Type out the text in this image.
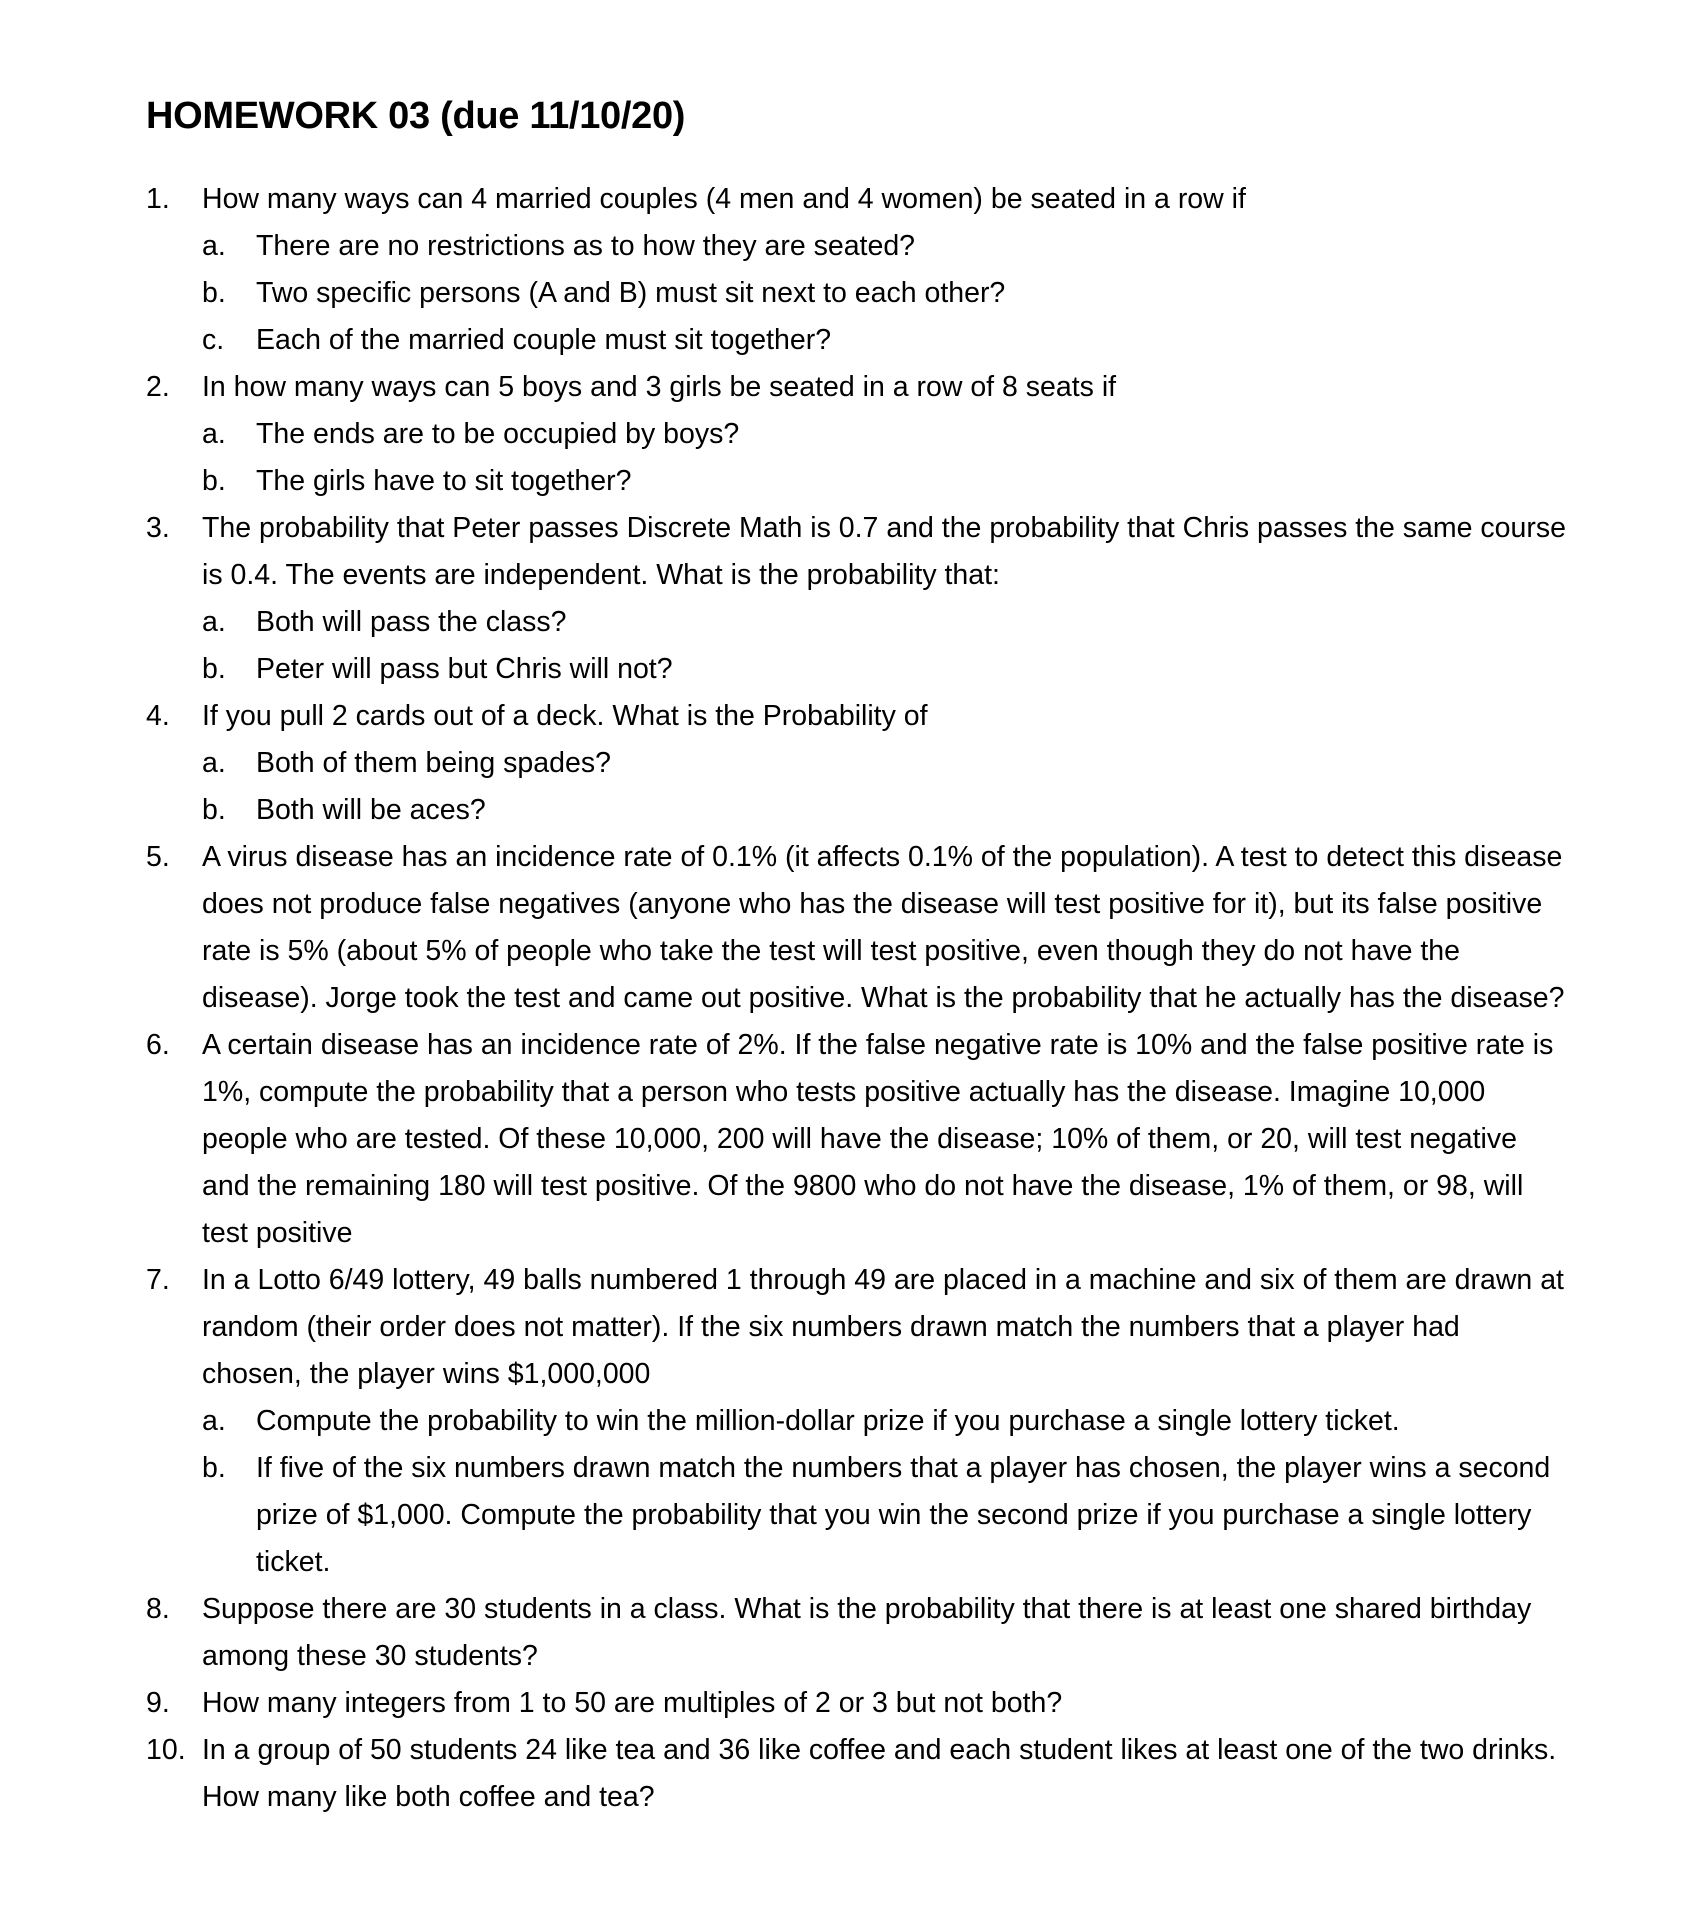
HOMEWORK 03 (due 11/10/20)
1. How many ways can 4 married couples (4 men and 4 women) be seated in a row if
a. There are no restrictions as to how they are seated?
b. Two specific persons (A and B) must sit next to each other?
c. Each of the married couple must sit together?
2. In how many ways can 5 boys and 3 girls be seated in a row of 8 seats if
a. The ends are to be occupied by boys?
b. The girls have to sit together?
3. The probability that Peter passes Discrete Math is 0.7 and the probability that Chris passes the same course is 0.4. The events are independent. What is the probability that:
a. Both will pass the class?
b. Peter will pass but Chris will not?
4. If you pull 2 cards out of a deck. What is the Probability of
a. Both of them being spades?
b. Both will be aces?
5. A virus disease has an incidence rate of 0.1% (it affects 0.1% of the population). A test to detect this disease does not produce false negatives (anyone who has the disease will test positive for it), but its false positive rate is 5% (about 5% of people who take the test will test positive, even though they do not have the disease). Jorge took the test and came out positive. What is the probability that he actually has the disease?
6. A certain disease has an incidence rate of 2%. If the false negative rate is 10% and the false positive rate is 1%, compute the probability that a person who tests positive actually has the disease. Imagine 10,000 people who are tested. Of these 10,000, 200 will have the disease; 10% of them, or 20, will test negative and the remaining 180 will test positive. Of the 9800 who do not have the disease, 1% of them, or 98, will test positive
7. In a Lotto 6/49 lottery, 49 balls numbered 1 through 49 are placed in a machine and six of them are drawn at random (their order does not matter). If the six numbers drawn match the numbers that a player had chosen, the player wins $1,000,000
a. Compute the probability to win the million-dollar prize if you purchase a single lottery ticket.
b. If five of the six numbers drawn match the numbers that a player has chosen, the player wins a second prize of $1,000. Compute the probability that you win the second prize if you purchase a single lottery ticket.
8. Suppose there are 30 students in a class. What is the probability that there is at least one shared birthday among these 30 students?
9. How many integers from 1 to 50 are multiples of 2 or 3 but not both?
10. In a group of 50 students 24 like tea and 36 like coffee and each student likes at least one of the two drinks. How many like both coffee and tea?
